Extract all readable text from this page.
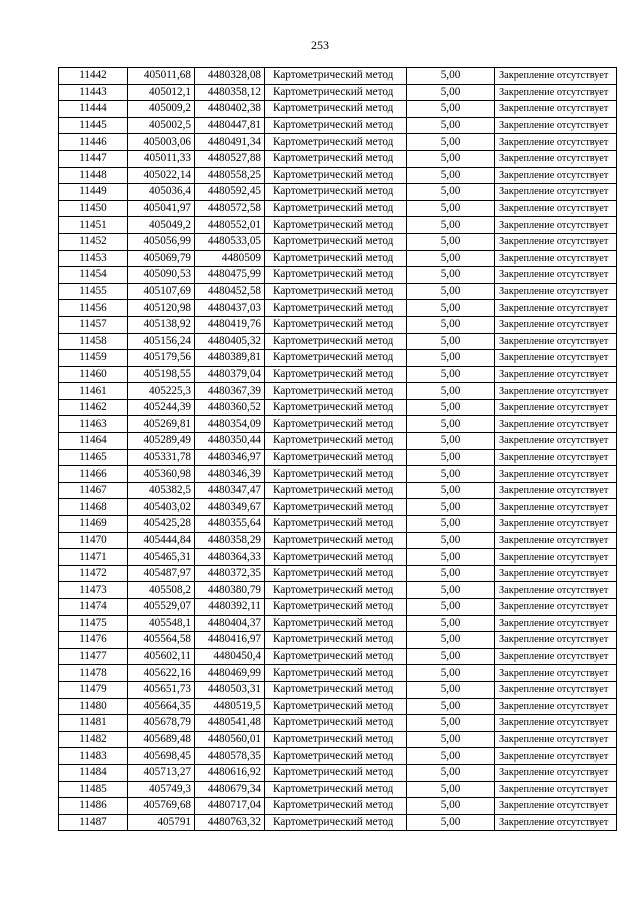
253
11442	405011,68	4480328,08	Картометрический метод	5,00	Закрепление отсутствует
11443	405012,1	4480358,12	Картометрический метод	5,00	Закрепление отсутствует
11444	405009,2	4480402,38	Картометрический метод	5,00	Закрепление отсутствует
11445	405002,5	4480447,81	Картометрический метод	5,00	Закрепление отсутствует
11446	405003,06	4480491,34	Картометрический метод	5,00	Закрепление отсутствует
11447	405011,33	4480527,88	Картометрический метод	5,00	Закрепление отсутствует
11448	405022,14	4480558,25	Картометрический метод	5,00	Закрепление отсутствует
11449	405036,4	4480592,45	Картометрический метод	5,00	Закрепление отсутствует
11450	405041,97	4480572,58	Картометрический метод	5,00	Закрепление отсутствует
11451	405049,2	4480552,01	Картометрический метод	5,00	Закрепление отсутствует
11452	405056,99	4480533,05	Картометрический метод	5,00	Закрепление отсутствует
11453	405069,79	4480509	Картометрический метод	5,00	Закрепление отсутствует
11454	405090,53	4480475,99	Картометрический метод	5,00	Закрепление отсутствует
11455	405107,69	4480452,58	Картометрический метод	5,00	Закрепление отсутствует
11456	405120,98	4480437,03	Картометрический метод	5,00	Закрепление отсутствует
11457	405138,92	4480419,76	Картометрический метод	5,00	Закрепление отсутствует
11458	405156,24	4480405,32	Картометрический метод	5,00	Закрепление отсутствует
11459	405179,56	4480389,81	Картометрический метод	5,00	Закрепление отсутствует
11460	405198,55	4480379,04	Картометрический метод	5,00	Закрепление отсутствует
11461	405225,3	4480367,39	Картометрический метод	5,00	Закрепление отсутствует
11462	405244,39	4480360,52	Картометрический метод	5,00	Закрепление отсутствует
11463	405269,81	4480354,09	Картометрический метод	5,00	Закрепление отсутствует
11464	405289,49	4480350,44	Картометрический метод	5,00	Закрепление отсутствует
11465	405331,78	4480346,97	Картометрический метод	5,00	Закрепление отсутствует
11466	405360,98	4480346,39	Картометрический метод	5,00	Закрепление отсутствует
11467	405382,5	4480347,47	Картометрический метод	5,00	Закрепление отсутствует
11468	405403,02	4480349,67	Картометрический метод	5,00	Закрепление отсутствует
11469	405425,28	4480355,64	Картометрический метод	5,00	Закрепление отсутствует
11470	405444,84	4480358,29	Картометрический метод	5,00	Закрепление отсутствует
11471	405465,31	4480364,33	Картометрический метод	5,00	Закрепление отсутствует
11472	405487,97	4480372,35	Картометрический метод	5,00	Закрепление отсутствует
11473	405508,2	4480380,79	Картометрический метод	5,00	Закрепление отсутствует
11474	405529,07	4480392,11	Картометрический метод	5,00	Закрепление отсутствует
11475	405548,1	4480404,37	Картометрический метод	5,00	Закрепление отсутствует
11476	405564,58	4480416,97	Картометрический метод	5,00	Закрепление отсутствует
11477	405602,11	4480450,4	Картометрический метод	5,00	Закрепление отсутствует
11478	405622,16	4480469,99	Картометрический метод	5,00	Закрепление отсутствует
11479	405651,73	4480503,31	Картометрический метод	5,00	Закрепление отсутствует
11480	405664,35	4480519,5	Картометрический метод	5,00	Закрепление отсутствует
11481	405678,79	4480541,48	Картометрический метод	5,00	Закрепление отсутствует
11482	405689,48	4480560,01	Картометрический метод	5,00	Закрепление отсутствует
11483	405698,45	4480578,35	Картометрический метод	5,00	Закрепление отсутствует
11484	405713,27	4480616,92	Картометрический метод	5,00	Закрепление отсутствует
11485	405749,3	4480679,34	Картометрический метод	5,00	Закрепление отсутствует
11486	405769,68	4480717,04	Картометрический метод	5,00	Закрепление отсутствует
11487	405791	4480763,32	Картометрический метод	5,00	Закрепление отсутствует
